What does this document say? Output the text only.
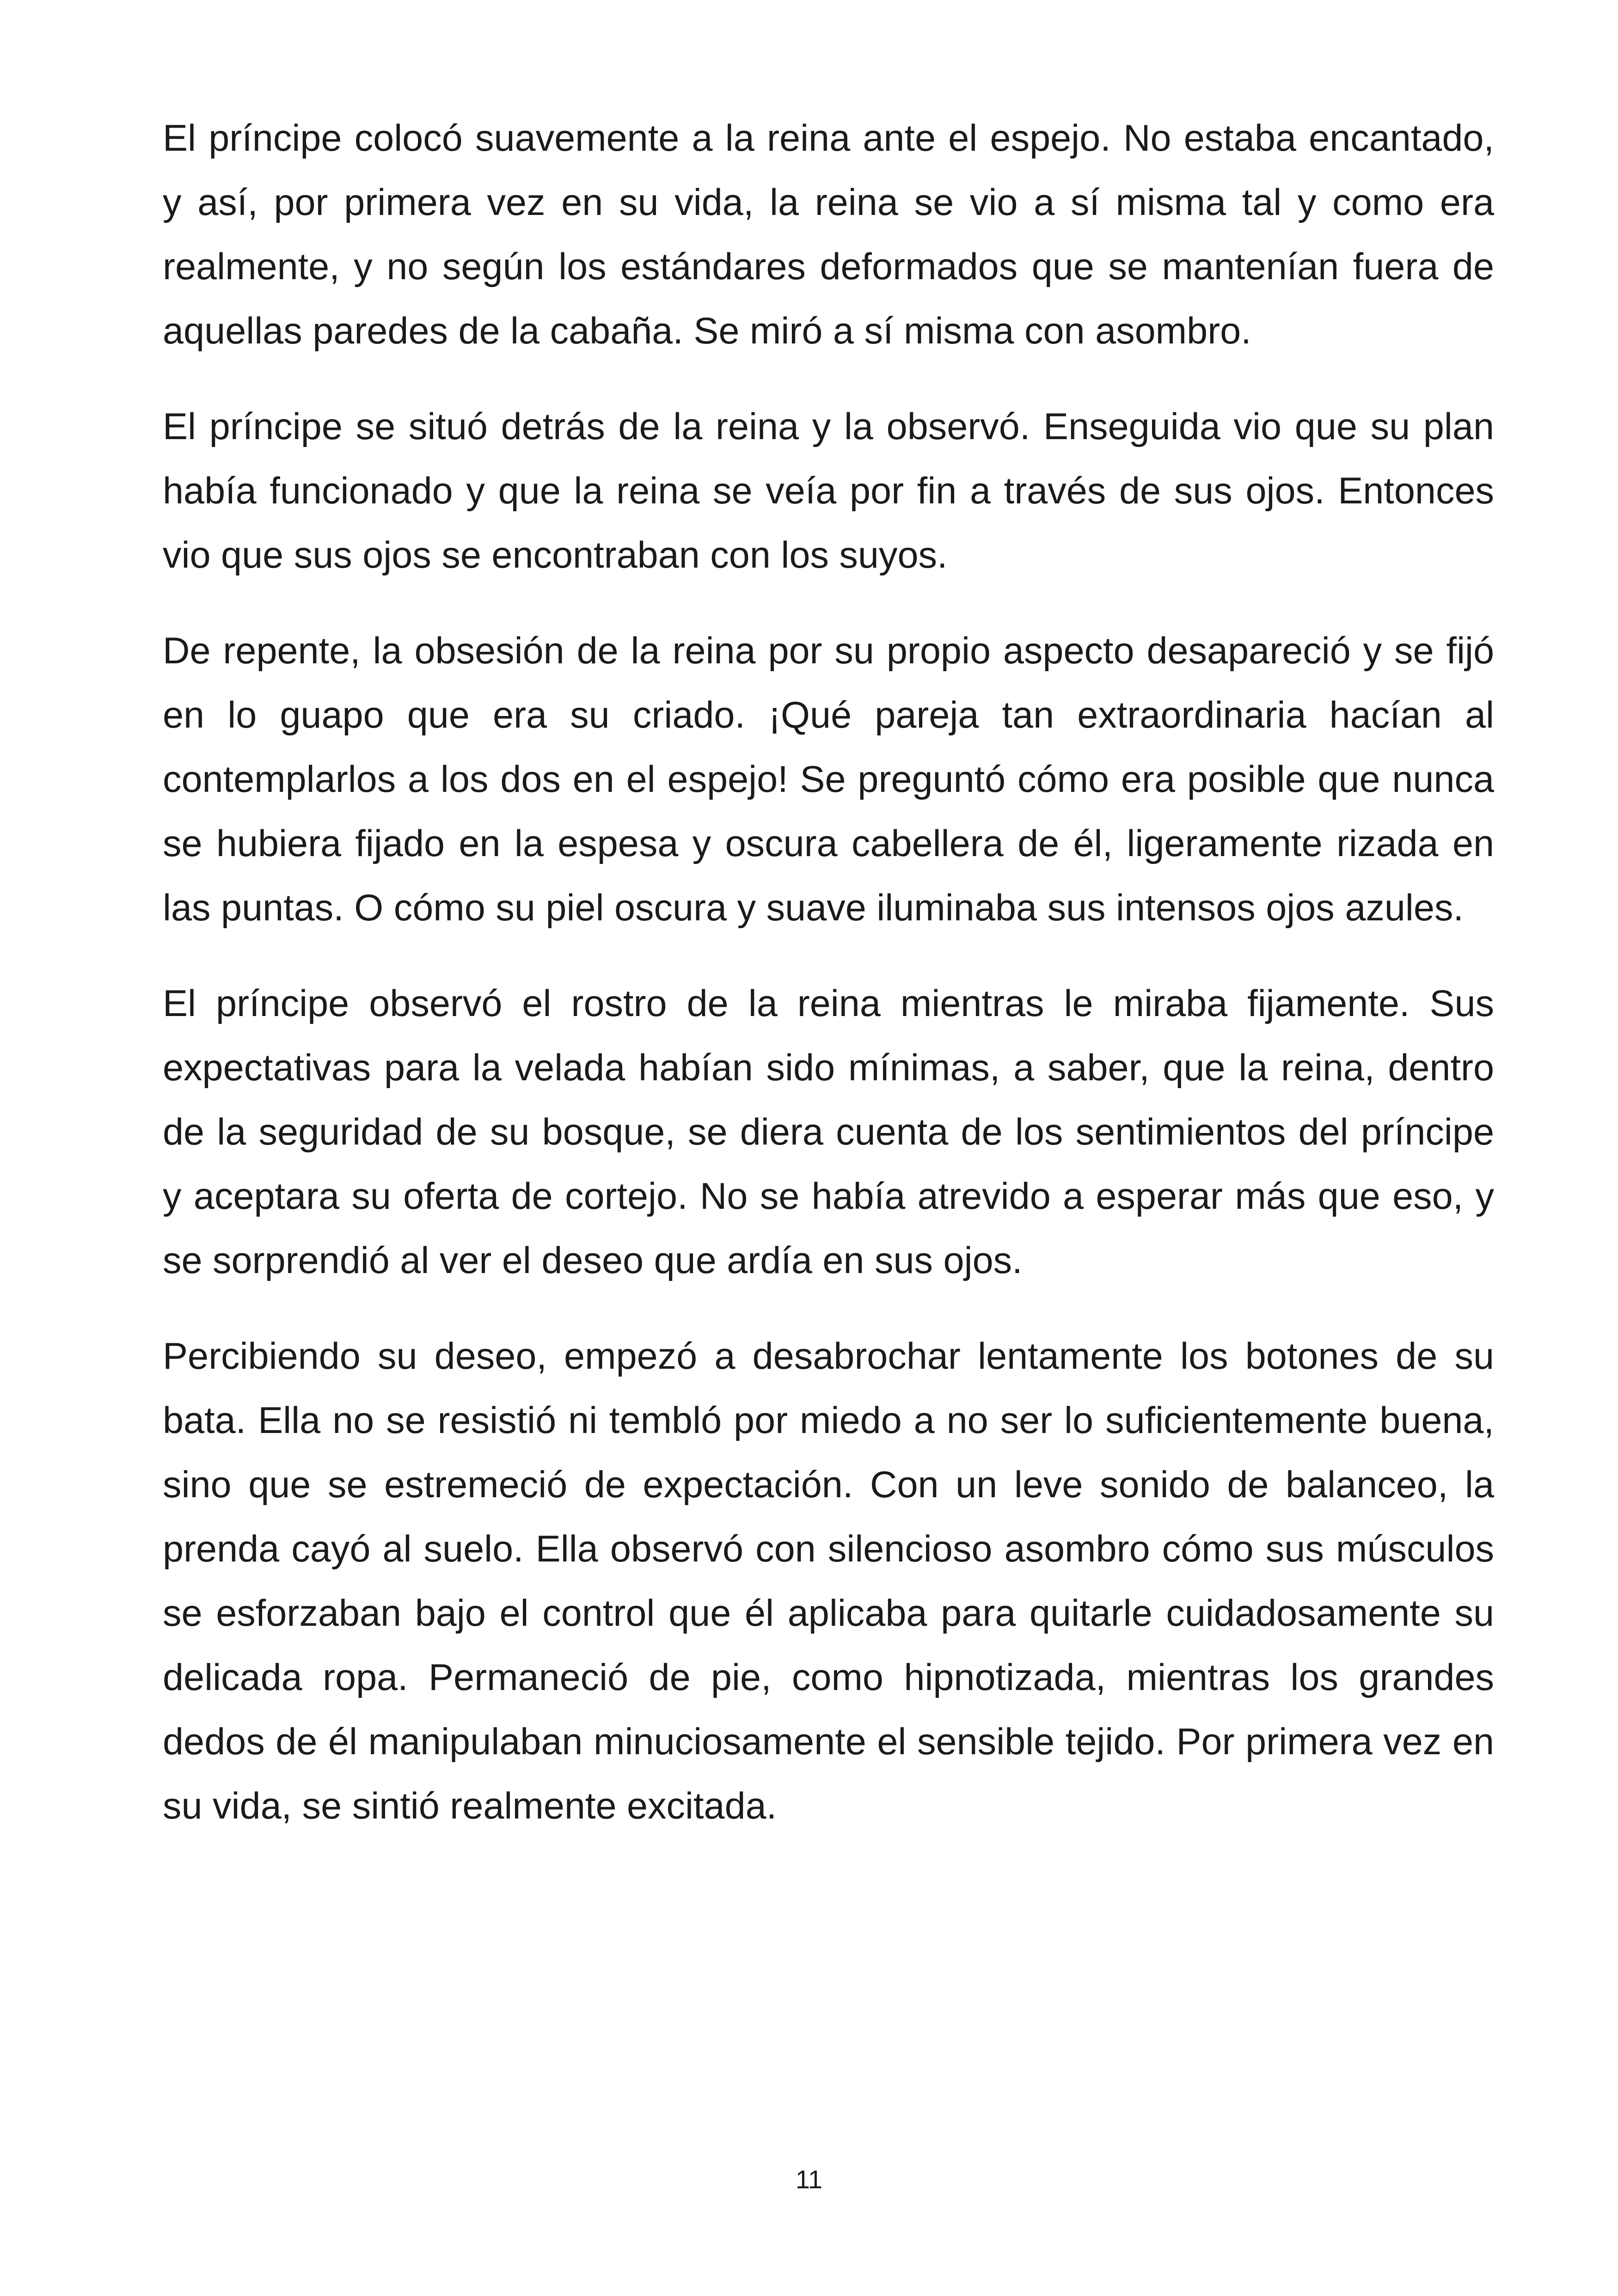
El príncipe colocó suavemente a la reina ante el espejo. No estaba encantado, y así, por primera vez en su vida, la reina se vio a sí misma tal y como era realmente, y no según los estándares deformados que se mantenían fuera de aquellas paredes de la cabaña. Se miró a sí misma con asombro.

El príncipe se situó detrás de la reina y la observó. Enseguida vio que su plan había funcionado y que la reina se veía por fin a través de sus ojos. Entonces vio que sus ojos se encontraban con los suyos.

De repente, la obsesión de la reina por su propio aspecto desapareció y se fijó en lo guapo que era su criado. ¡Qué pareja tan extraordinaria hacían al contemplarlos a los dos en el espejo! Se preguntó cómo era posible que nunca se hubiera fijado en la espesa y oscura cabellera de él, ligeramente rizada en las puntas. O cómo su piel oscura y suave iluminaba sus intensos ojos azules.

El príncipe observó el rostro de la reina mientras le miraba fijamente. Sus expectativas para la velada habían sido mínimas, a saber, que la reina, dentro de la seguridad de su bosque, se diera cuenta de los sentimientos del príncipe y aceptara su oferta de cortejo. No se había atrevido a esperar más que eso, y se sorprendió al ver el deseo que ardía en sus ojos.

Percibiendo su deseo, empezó a desabrochar lentamente los botones de su bata. Ella no se resistió ni tembló por miedo a no ser lo suficientemente buena, sino que se estremeció de expectación. Con un leve sonido de balanceo, la prenda cayó al suelo. Ella observó con silencioso asombro cómo sus músculos se esforzaban bajo el control que él aplicaba para quitarle cuidadosamente su delicada ropa. Permaneció de pie, como hipnotizada, mientras los grandes dedos de él manipulaban minuciosamente el sensible tejido. Por primera vez en su vida, se sintió realmente excitada.

11
